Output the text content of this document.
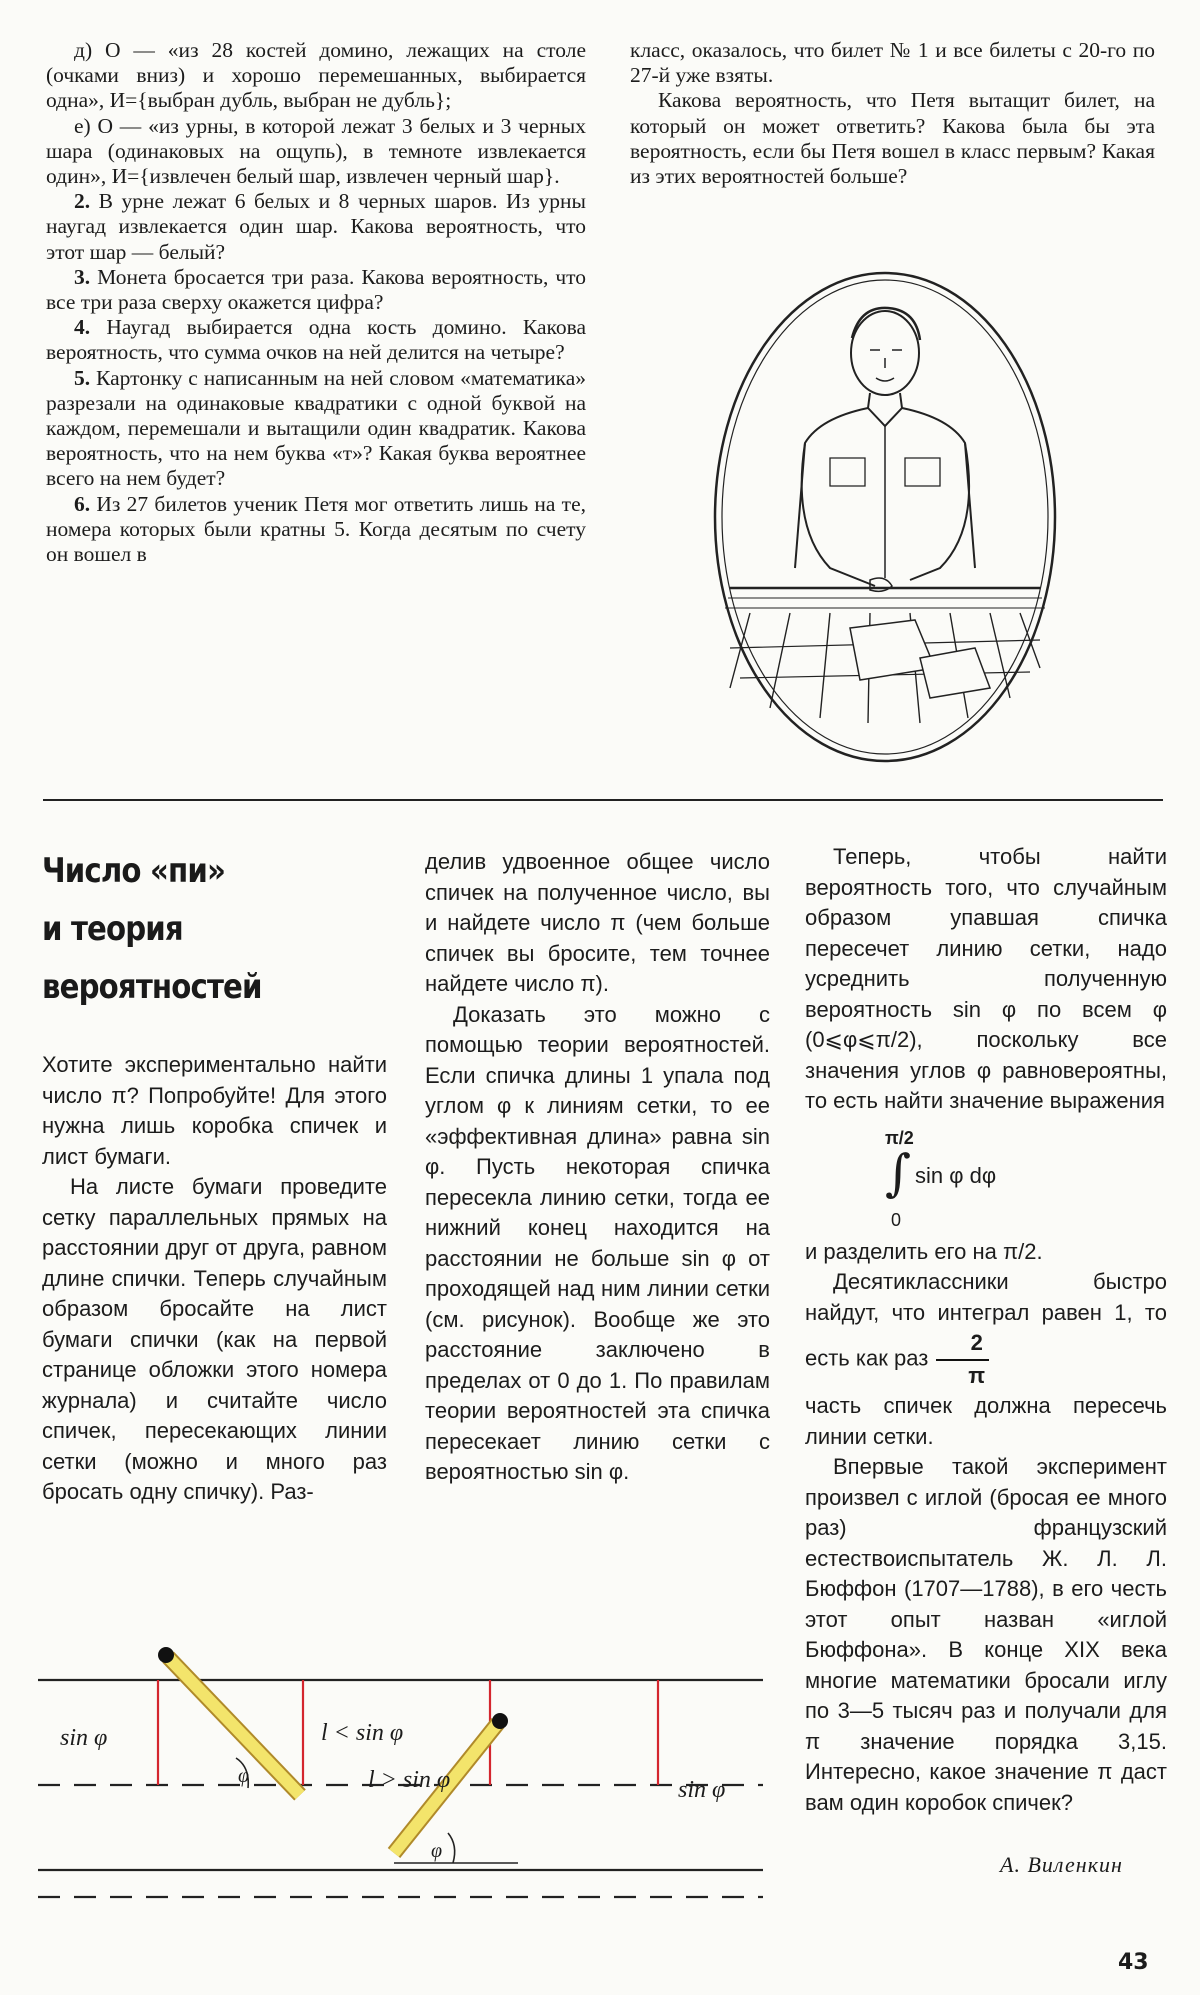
д) О — «из 28 костей домино, лежащих на столе (очками вниз) и хорошо перемешанных, выбирается одна», И={выбран дубль, выбран не дубль};

е) О — «из урны, в которой лежат 3 белых и 3 черных шара (одинаковых на ощупь), в темноте извлекается один», И={извлечен белый шар, извлечен черный шар}.

2. В урне лежат 6 белых и 8 черных шаров. Из урны наугад извлекается один шар. Какова вероятность, что этот шар — белый?

3. Монета бросается три раза. Какова вероятность, что все три раза сверху окажется цифра?

4. Наугад выбирается одна кость домино. Какова вероятность, что сумма очков на ней делится на четыре?

5. Картонку с написанным на ней словом «математика» разрезали на одинаковые квадратики с одной буквой на каждом, перемешали и вытащили один квадратик. Какова вероятность, что на нем буква «т»? Какая буква вероятнее всего на нем будет?

6. Из 27 билетов ученик Петя мог ответить лишь на те, номера которых были кратны 5. Когда десятым по счету он вошел в

класс, оказалось, что билет № 1 и все билеты с 20-го по 27-й уже взяты.

Какова вероятность, что Петя вытащит билет, на который он может ответить? Какова была бы эта вероятность, если бы Петя вошел в класс первым? Какая из этих вероятностей больше?

Число «пи»
и теория
вероятностей

Хотите экспериментально найти число π? Попробуйте! Для этого нужна лишь коробка спичек и лист бумаги.

На листе бумаги проведите сетку параллельных прямых на расстоянии друг от друга, равном длине спички. Теперь случайным образом бросайте на лист бумаги спички (как на первой странице обложки этого номера журнала) и считайте число спичек, пересекающих линии сетки (можно и много раз бросать одну спичку). Раз-

делив удвоенное общее число спичек на полученное число, вы и найдете число π (чем больше спичек вы бросите, тем точнее найдете число π).

Доказать это можно с помощью теории вероятностей. Если спичка длины 1 упала под углом φ к линиям сетки, то ее «эффективная длина» равна sin φ. Пусть некоторая спичка пересекла линию сетки, тогда ее нижний конец находится на расстоянии не больше sin φ от проходящей над ним линии сетки (см. рисунок). Вообще же это расстояние заключено в пределах от 0 до 1. По правилам теории вероятностей эта спичка пересекает линию сетки с вероятностью sin φ.

Теперь, чтобы найти вероятность того, что случайным образом упавшая спичка пересечет линию сетки, надо усреднить полученную вероятность sin φ по всем φ (0⩽φ⩽π/2), поскольку все значения углов φ равновероятны, то есть найти значение выражения

π/2
∫
0
sin φ dφ

и разделить его на π/2.

Десятиклассники быстро найдут, что интеграл равен 1, то есть как раз $\frac{2}{\pi}$

часть спичек должна пересечь линии сетки.

Впервые такой эксперимент произвел с иглой (бросая ее много раз) французский естествоиспытатель Ж. Л. Л. Бюффон (1707—1788), в его честь этот опыт назван «иглой Бюффона». В конце XIX века многие математики бросали иглу по 3—5 тысяч раз и получали для π значение порядка 3,15. Интересно, какое значение π даст вам один коробок спичек?

А. Виленкин
sin φ	l < sin φ
l > sin φ	sin φ
φ
φ
43
